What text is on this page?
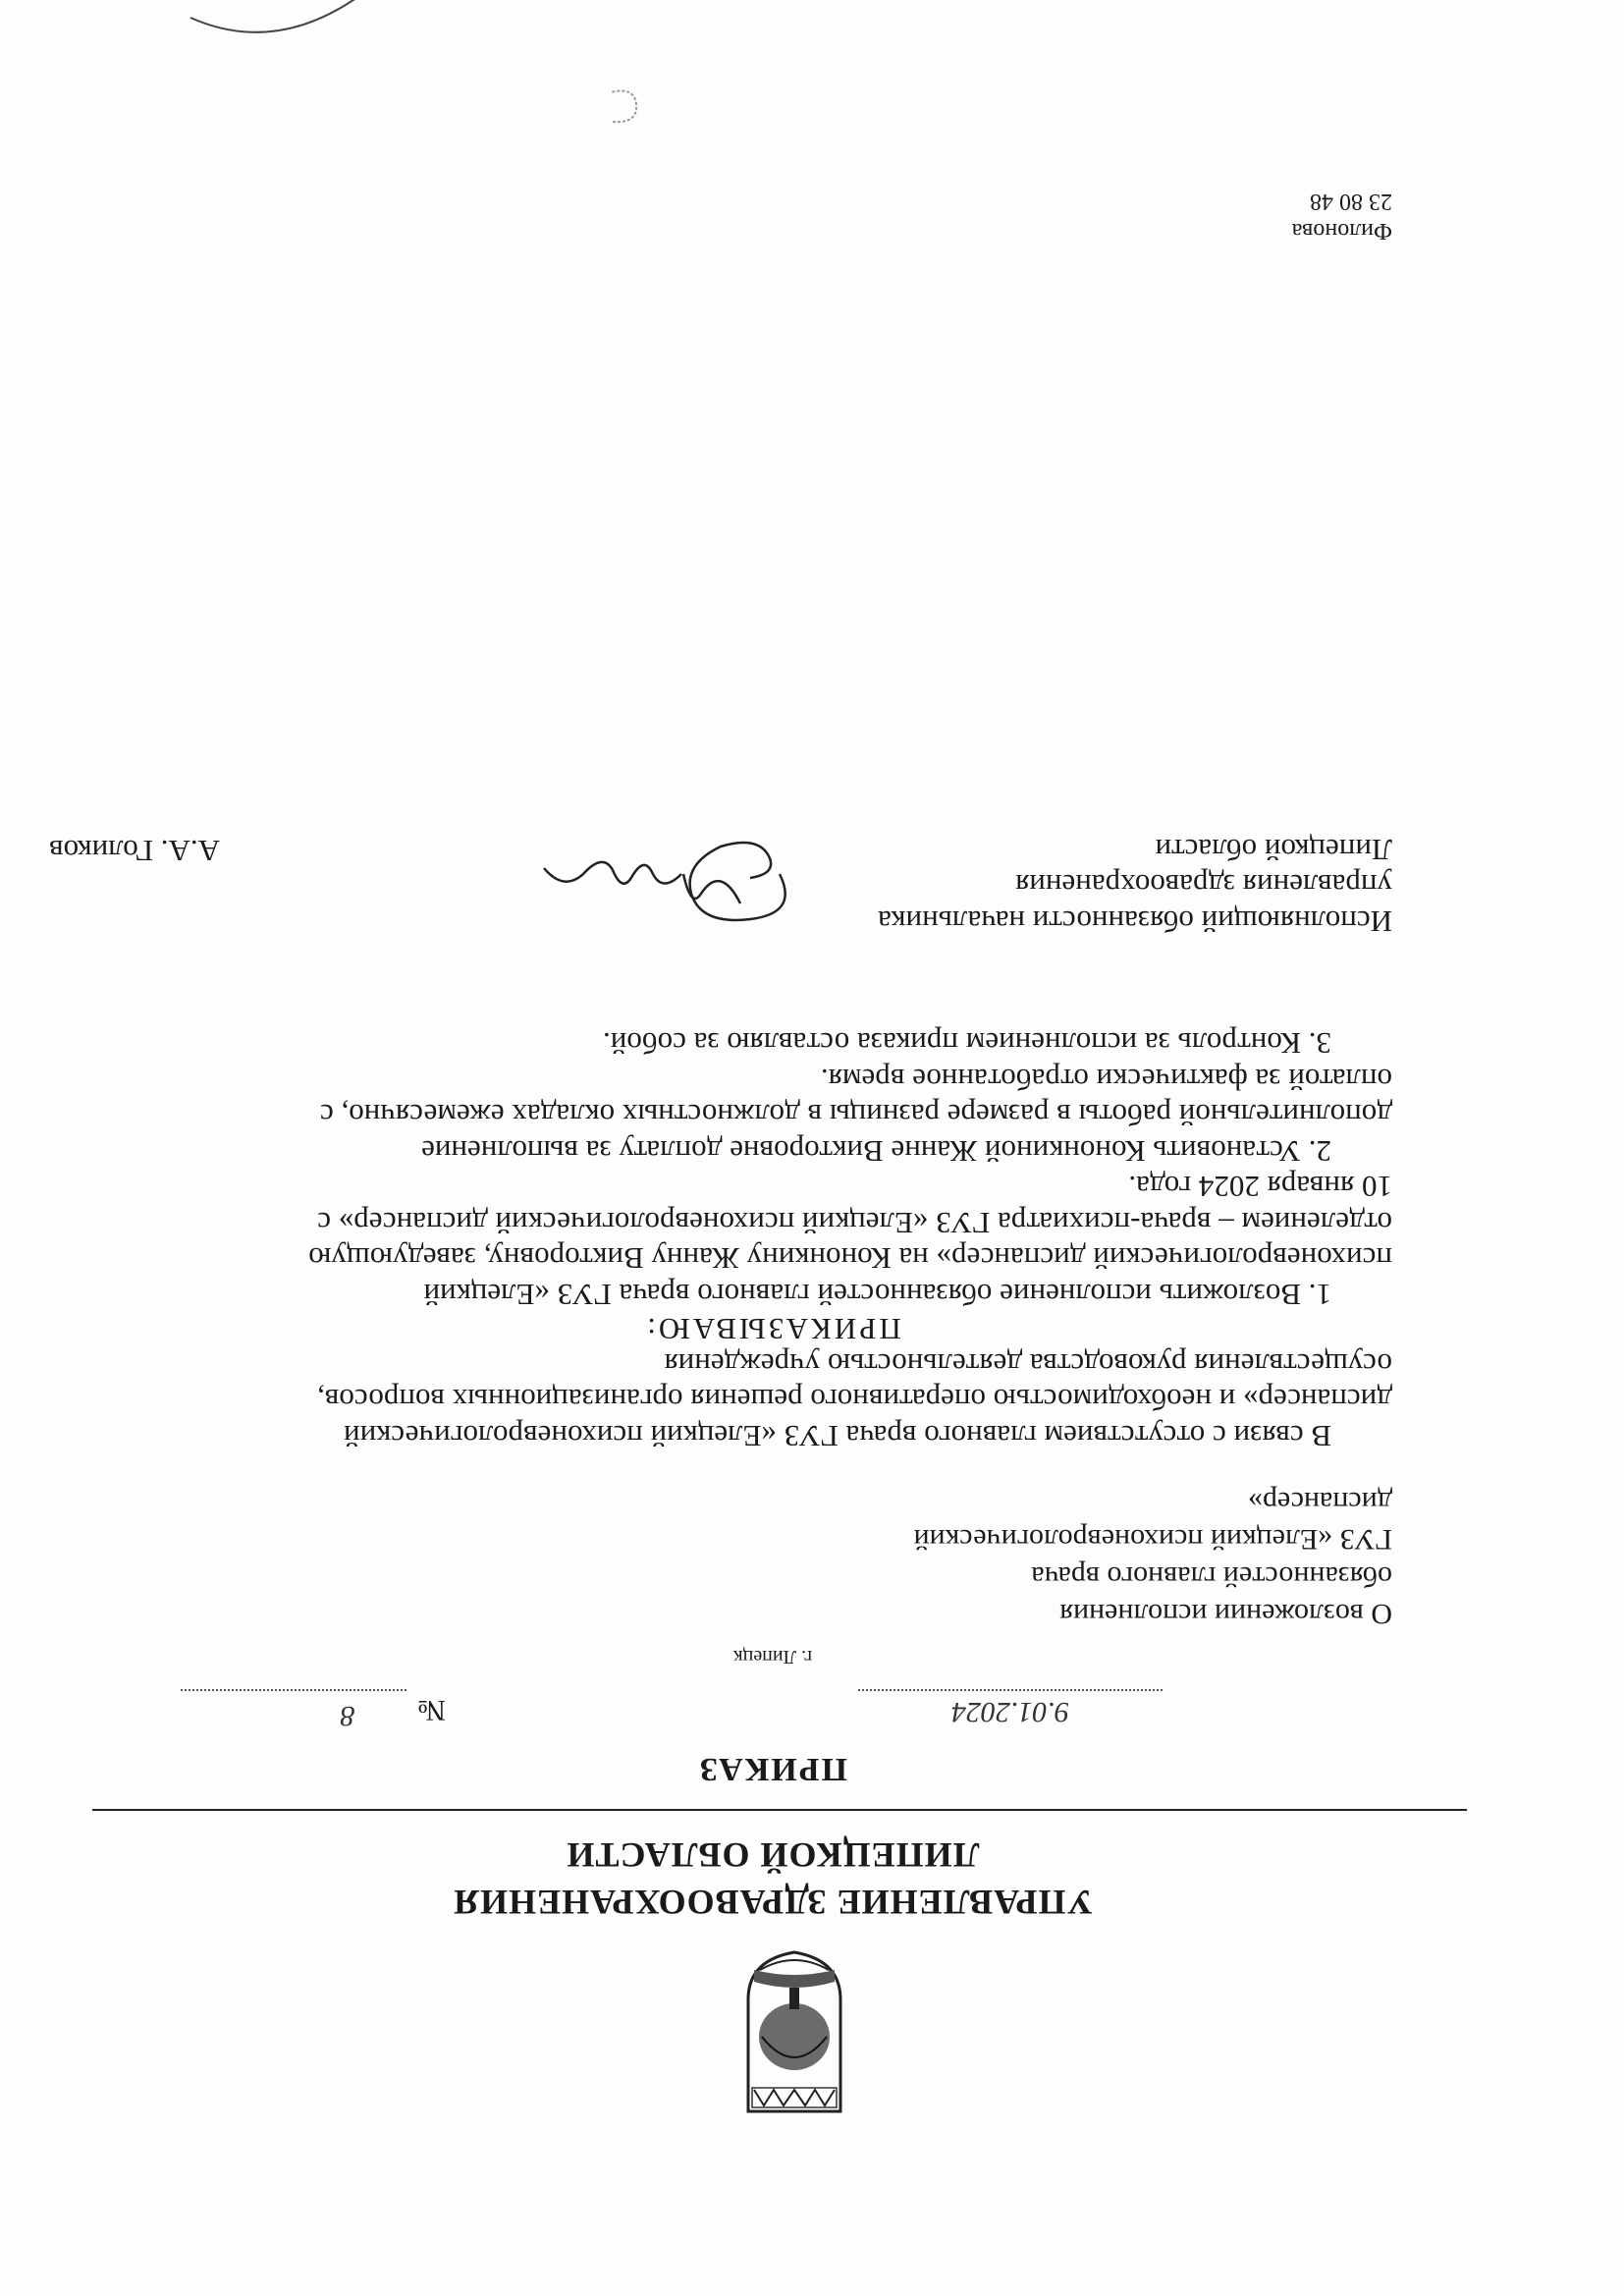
УПРАВЛЕНИЕ ЗДРАВООХРАНЕНИЯ
ЛИПЕЦКОЙ ОБЛАСТИ
ПРИКАЗ
9.01.2024
№
8
г. Липецк
О возложении исполнения
обязанностей главного врача
ГУЗ «Елецкий психоневрологический
диспансер»
В связи с отсутствием главного врача ГУЗ «Елецкий психоневрологический
диспансер» и необходимостью оперативного решения организационных вопросов,
осуществления руководства деятельностью учреждения
ПРИКАЗЫВАЮ:
1. Возложить исполнение обязанностей главного врача ГУЗ «Елецкий
психоневрологический диспансер» на Кононкину Жанну Викторовну, заведующую
отделением – врача-психиатра ГУЗ «Елецкий психоневрологический диспансер» с
10 января 2024 года.
2. Установить Кононкиной Жанне Викторовне доплату за выполнение
дополнительной работы в размере разницы в должностных окладах ежемесячно, с
оплатой за фактически отработанное время.
3. Контроль за исполнением приказа оставляю за собой.
Исполняющий обязанности начальника
управления здравоохранения
Липецкой области
А.А. Голиков
Филонова
23 80 48
